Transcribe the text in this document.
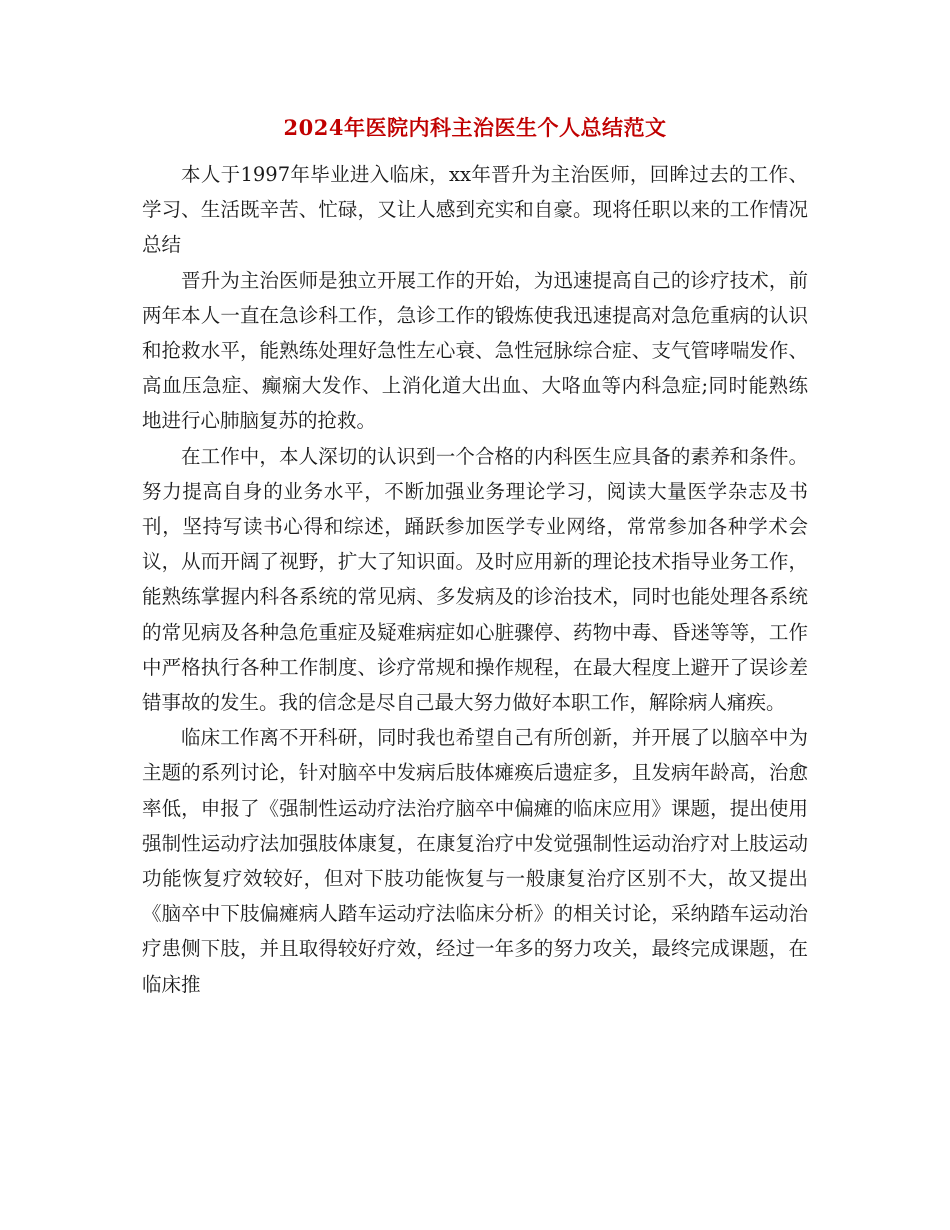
2024年医院内科主治医生个人总结范文

本人于1997年毕业进入临床，xx年晋升为主治医师，回眸过去的工作、学习、生活既辛苦、忙碌，又让人感到充实和自豪。现将任职以来的工作情况总结

晋升为主治医师是独立开展工作的开始，为迅速提高自己的诊疗技术，前两年本人一直在急诊科工作，急诊工作的锻炼使我迅速提高对急危重病的认识和抢救水平，能熟练处理好急性左心衰、急性冠脉综合症、支气管哮喘发作、高血压急症、癫痫大发作、上消化道大出血、大咯血等内科急症;同时能熟练地进行心肺脑复苏的抢救。

在工作中，本人深切的认识到一个合格的内科医生应具备的素养和条件。努力提高自身的业务水平，不断加强业务理论学习，阅读大量医学杂志及书刊，坚持写读书心得和综述，踊跃参加医学专业网络，常常参加各种学术会议，从而开阔了视野，扩大了知识面。及时应用新的理论技术指导业务工作，能熟练掌握内科各系统的常见病、多发病及的诊治技术，同时也能处理各系统的常见病及各种急危重症及疑难病症如心脏骤停、药物中毒、昏迷等等，工作中严格执行各种工作制度、诊疗常规和操作规程，在最大程度上避开了误诊差错事故的发生。我的信念是尽自己最大努力做好本职工作，解除病人痛疾。

临床工作离不开科研，同时我也希望自己有所创新，并开展了以脑卒中为主题的系列讨论，针对脑卒中发病后肢体瘫痪后遗症多，且发病年龄高，治愈率低，申报了《强制性运动疗法治疗脑卒中偏瘫的临床应用》课题，提出使用强制性运动疗法加强肢体康复，在康复治疗中发觉强制性运动治疗对上肢运动功能恢复疗效较好，但对下肢功能恢复与一般康复治疗区别不大，故又提出《脑卒中下肢偏瘫病人踏车运动疗法临床分析》的相关讨论，采纳踏车运动治疗患侧下肢，并且取得较好疗效，经过一年多的努力攻关，最终完成课题，在临床推
